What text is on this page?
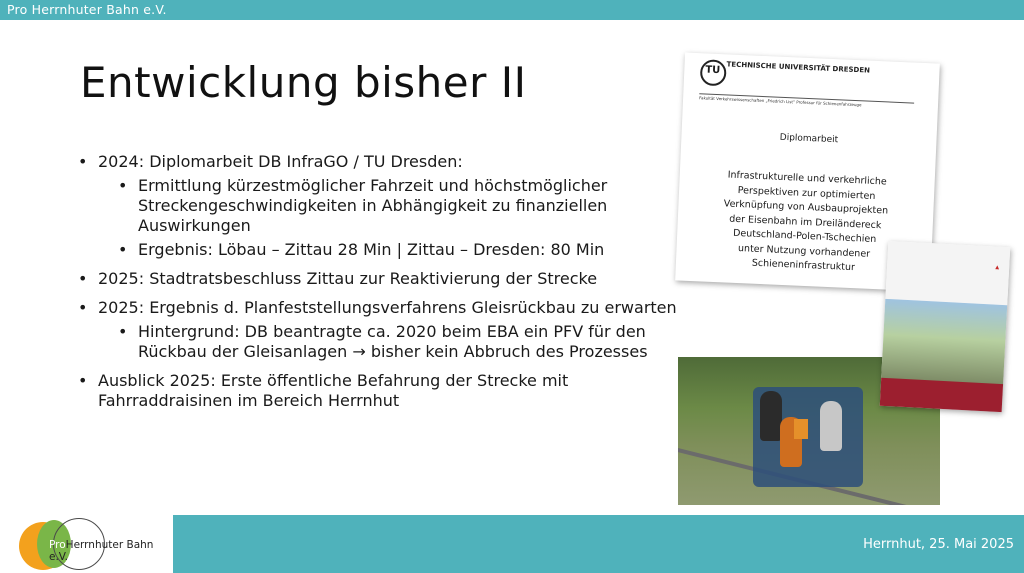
Pro Herrnhuter Bahn e.V.
Entwicklung bisher II
• 2024: Diplomarbeit DB InfraGO / TU Dresden:
• Ermittlung kürzestmöglicher Fahrzeit und höchstmöglicher Streckengeschwindigkeiten in Abhängigkeit zu finanziellen Auswirkungen
• Ergebnis: Löbau – Zittau 28 Min | Zittau – Dresden: 80 Min
• 2025: Stadtratsbeschluss Zittau zur Reaktivierung der Strecke
• 2025: Ergebnis d. Planfeststellungsverfahrens Gleisrückbau zu erwarten
• Hintergrund: DB beantragte ca. 2020 beim EBA ein PFV für den Rückbau der Gleisanlagen → bisher kein Abbruch des Prozesses
• Ausblick 2025: Erste öffentliche Befahrung der Strecke mit Fahrraddraisinen im Bereich Herrnhut
TU
TECHNISCHE UNIVERSITÄT DRESDEN
Fakultät Verkehrswissenschaften „Friedrich List“ Professur für Schienenfahrzeuge
Diplomarbeit
Infrastrukturelle und verkehrliche
Perspektiven zur optimierten
Verknüpfung von Ausbauprojekten
der Eisenbahn im Dreiländereck
Deutschland-Polen-Tschechien
unter Nutzung vorhandener
Schieneninfrastruktur	▲
Herrnhut, 25. Mai 2025
ProHerrnhuter Bahn e.V.
